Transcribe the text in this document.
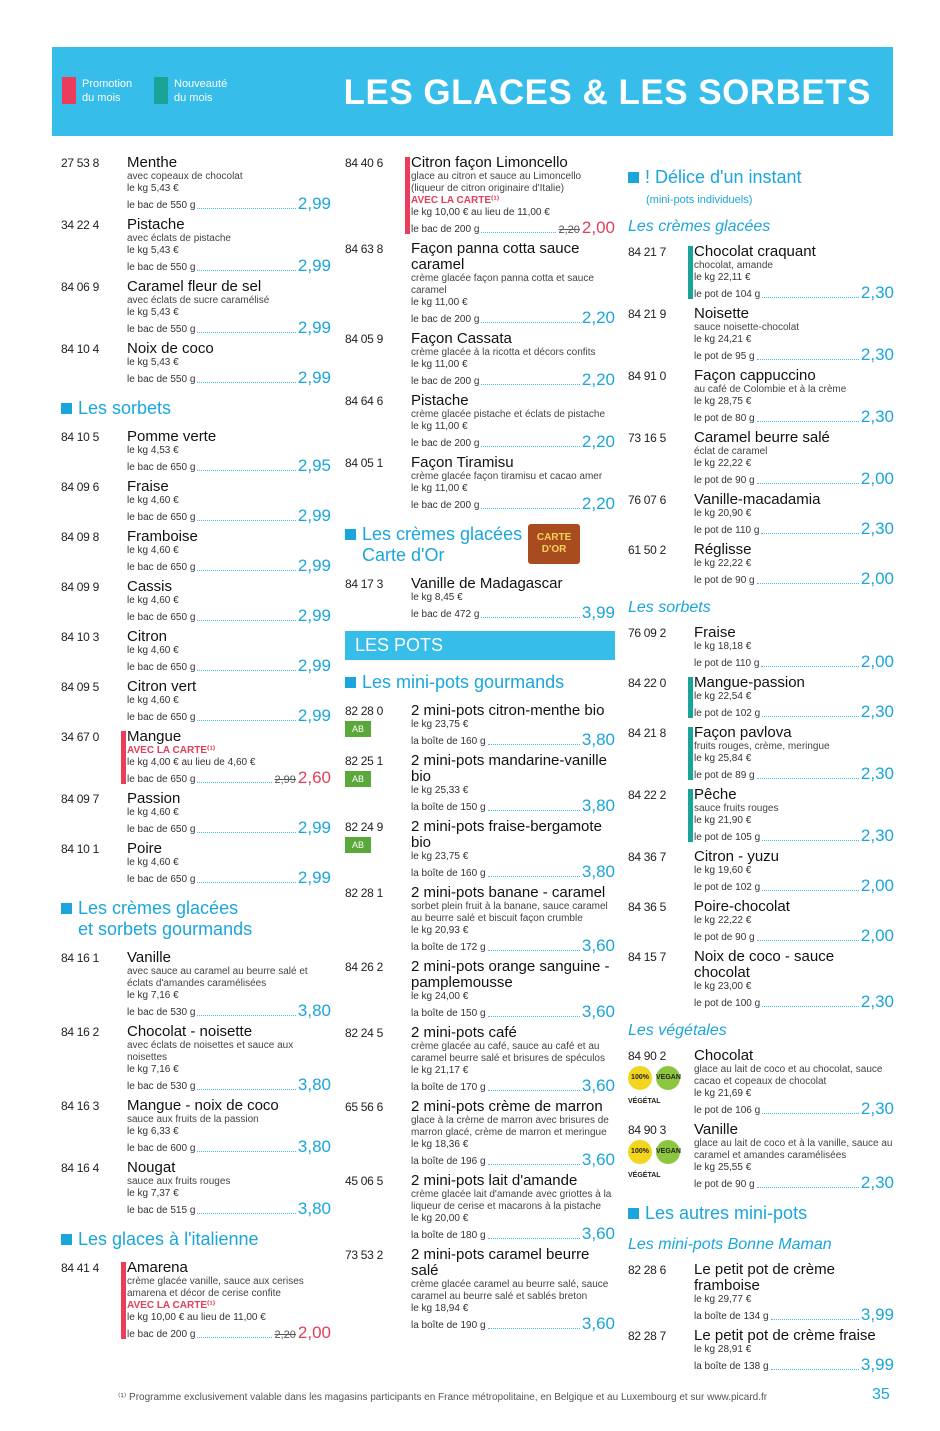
Promotion du mois
Nouveauté du mois	LES GLACES & LES SORBETS
27 53 8 Menthe
avec copeaux de chocolat
le kg 5,43 €
le bac de 550 g	2,99
34 22 4 Pistache
avec éclats de pistache
le kg 5,43 €
le bac de 550 g	2,99
84 06 9 Caramel fleur de sel
avec éclats de sucre caramélisé
le kg 5,43 €
le bac de 550 g	2,99
84 10 4 Noix de coco
le kg 5,43 €
le bac de 550 g	2,99
Les sorbets
84 10 5 Pomme verte
le kg 4,53 €
le bac de 650 g	2,95
84 09 6 Fraise
le kg 4,60 €
le bac de 650 g	2,99
84 09 8 Framboise
le kg 4,60 €
le bac de 650 g	2,99
84 09 9 Cassis
le kg 4,60 €
le bac de 650 g	2,99
84 10 3 Citron
le kg 4,60 €
le bac de 650 g	2,99
84 09 5 Citron vert
le kg 4,60 €
le bac de 650 g	2,99
34 67 0 Mangue
AVEC LA CARTE⁽¹⁾
le kg 4,00 € au lieu de 4,60 €
le bac de 650 g	2,99 2,60
84 09 7 Passion
le kg 4,60 €
le bac de 650 g	2,99
84 10 1 Poire
le kg 4,60 €
le bac de 650 g	2,99
Les crèmes glacées
et sorbets gourmands
84 16 1 Vanille
avec sauce au caramel au beurre salé et éclats d'amandes caramélisées
le kg 7,16 €
le bac de 530 g	3,80
84 16 2 Chocolat - noisette
avec éclats de noisettes et sauce aux noisettes
le kg 7,16 €
le bac de 530 g	3,80
84 16 3 Mangue - noix de coco
sauce aux fruits de la passion
le kg 6,33 €
le bac de 600 g	3,80
84 16 4 Nougat
sauce aux fruits rouges
le kg 7,37 €
le bac de 515 g	3,80
Les glaces à l'italienne
84 41 4 Amarena
crème glacée vanille, sauce aux cerises amarena et décor de cerise confite
AVEC LA CARTE⁽¹⁾
le kg 10,00 € au lieu de 11,00 €
le bac de 200 g	2,20 2,00
84 40 6 Citron façon Limoncello
glace au citron et sauce au Limoncello (liqueur de citron originaire d'Italie)
AVEC LA CARTE⁽¹⁾
le kg 10,00 € au lieu de 11,00 €
le bac de 200 g	2,20 2,00
84 63 8 Façon panna cotta sauce caramel
crème glacée façon panna cotta et sauce caramel
le kg 11,00 €
le bac de 200 g	2,20
84 05 9 Façon Cassata
crème glacée à la ricotta et décors confits
le kg 11,00 €
le bac de 200 g	2,20
84 64 6 Pistache
crème glacée pistache et éclats de pistache
le kg 11,00 €
le bac de 200 g	2,20
84 05 1 Façon Tiramisu
crème glacée façon tiramisu et cacao amer
le kg 11,00 €
le bac de 200 g	2,20
Les crèmes glacées
Carte d'Or
CARTE D'OR
84 17 3 Vanille de Madagascar
le kg 8,45 €
le bac de 472 g	3,99
LES POTS
Les mini-pots gourmands
82 28 0
AB
2 mini-pots citron-menthe bio
le kg 23,75 €
la boîte de 160 g	3,80
82 25 1
AB
2 mini-pots mandarine-vanille bio
le kg 25,33 €
la boîte de 150 g	3,80
82 24 9
AB
2 mini-pots fraise-bergamote bio
le kg 23,75 €
la boîte de 160 g	3,80
82 28 1 2 mini-pots banane - caramel
sorbet plein fruit à la banane, sauce caramel au beurre salé et biscuit façon crumble
le kg 20,93 €
la boîte de 172 g	3,60
84 26 2 2 mini-pots orange sanguine - pamplemousse
le kg 24,00 €
la boîte de 150 g	3,60
82 24 5 2 mini-pots café
crème glacée au café, sauce au café et au caramel beurre salé et brisures de spéculos
le kg 21,17 €
la boîte de 170 g	3,60
65 56 6 2 mini-pots crème de marron
glace à la crème de marron avec brisures de marron glacé, crème de marron et meringue
le kg 18,36 €
la boîte de 196 g	3,60
45 06 5 2 mini-pots lait d'amande
crème glacée lait d'amande avec griottes à la liqueur de cerise et macarons à la pistache
le kg 20,00 €
la boîte de 180 g	3,60
73 53 2 2 mini-pots caramel beurre salé
crème glacée caramel au beurre salé, sauce caramel au beurre salé et sablés breton
le kg 18,94 €
la boîte de 190 g	3,60
! Délice d'un instant
(mini-pots individuels)
Les crèmes glacées
84 21 7 Chocolat craquant
chocolat, amande
le kg 22,11 €
le pot de 104 g	2,30
84 21 9 Noisette
sauce noisette-chocolat
le kg 24,21 €
le pot de 95 g	2,30
84 91 0 Façon cappuccino
au café de Colombie et à la crème
le kg 28,75 €
le pot de 80 g	2,30
73 16 5 Caramel beurre salé
éclat de caramel
le kg 22,22 €
le pot de 90 g	2,00
76 07 6 Vanille-macadamia
le kg 20,90 €
le pot de 110 g	2,30
61 50 2 Réglisse
le kg 22,22 €
le pot de 90 g	2,00
Les sorbets
76 09 2 Fraise
le kg 18,18 €
le pot de 110 g	2,00
84 22 0 Mangue-passion
le kg 22,54 €
le pot de 102 g	2,30
84 21 8 Façon pavlova
fruits rouges, crème, meringue
le kg 25,84 €
le pot de 89 g	2,30
84 22 2 Pêche
sauce fruits rouges
le kg 21,90 €
le pot de 105 g	2,30
84 36 7 Citron - yuzu
le kg 19,60 €
le pot de 102 g	2,00
84 36 5 Poire-chocolat
le kg 22,22 €
le pot de 90 g	2,00
84 15 7 Noix de coco - sauce chocolat
le kg 23,00 €
le pot de 100 g	2,30
Les végétales
84 90 2
100% VÉGÉTAL
VEGAN
Chocolat
glace au lait de coco et au chocolat, sauce cacao et copeaux de chocolat
le kg 21,69 €
le pot de 106 g	2,30
84 90 3
100% VÉGÉTAL
VEGAN
Vanille
glace au lait de coco et à la vanille, sauce au caramel et amandes caramélisées
le kg 25,55 €
le pot de 90 g	2,30
Les autres mini-pots
Les mini-pots Bonne Maman
82 28 6 Le petit pot de crème framboise
le kg 29,77 €
la boîte de 134 g	3,99
82 28 7 Le petit pot de crème fraise
le kg 28,91 €
la boîte de 138 g	3,99
⁽¹⁾ Programme exclusivement valable dans les magasins participants en France métropolitaine, en Belgique et au Luxembourg et sur www.picard.fr	35
